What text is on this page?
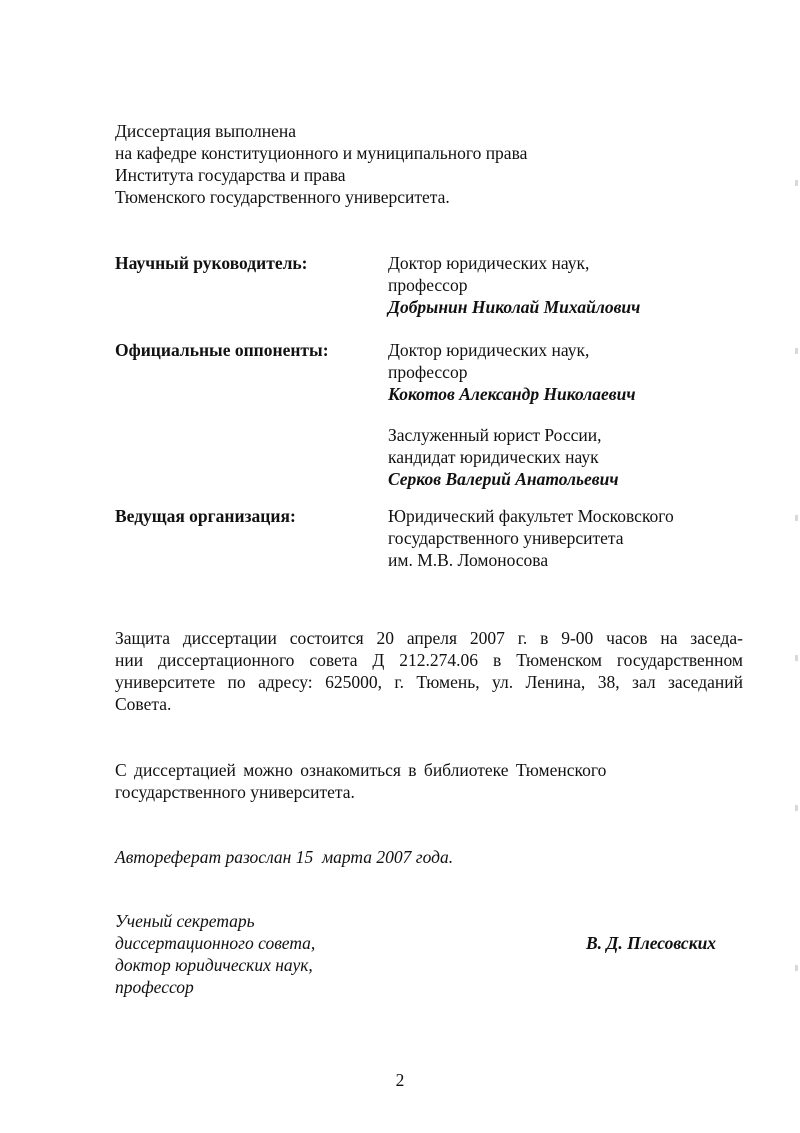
Диссертация выполнена
на кафедре конституционного и муниципального права
Института государства и права
Тюменского государственного университета.
Научный руководитель:	Доктор юридических наук,
профессор
Добрынин Николай Михайлович
Официальные оппоненты:	Доктор юридических наук,
профессор
Кокотов Александр Николаевич
Заслуженный юрист России,
кандидат юридических наук
Серков Валерий Анатольевич
Ведущая организация:	Юридический факультет Московского
государственного университета
им. М.В. Ломоносова
Защита диссертации состоится 20 апреля 2007 г. в 9-00 часов на заседа-
нии диссертационного совета Д 212.274.06 в Тюменском государственном
университете по адресу: 625000, г. Тюмень, ул. Ленина, 38, зал заседаний
Совета.
С диссертацией можно ознакомиться в библиотеке Тюменского
государственного университета.
Автореферат разослан 15  марта 2007 года.
Ученый секретарь
диссертационного совета,
доктор юридических наук,
профессор
В. Д. Плесовских
2
